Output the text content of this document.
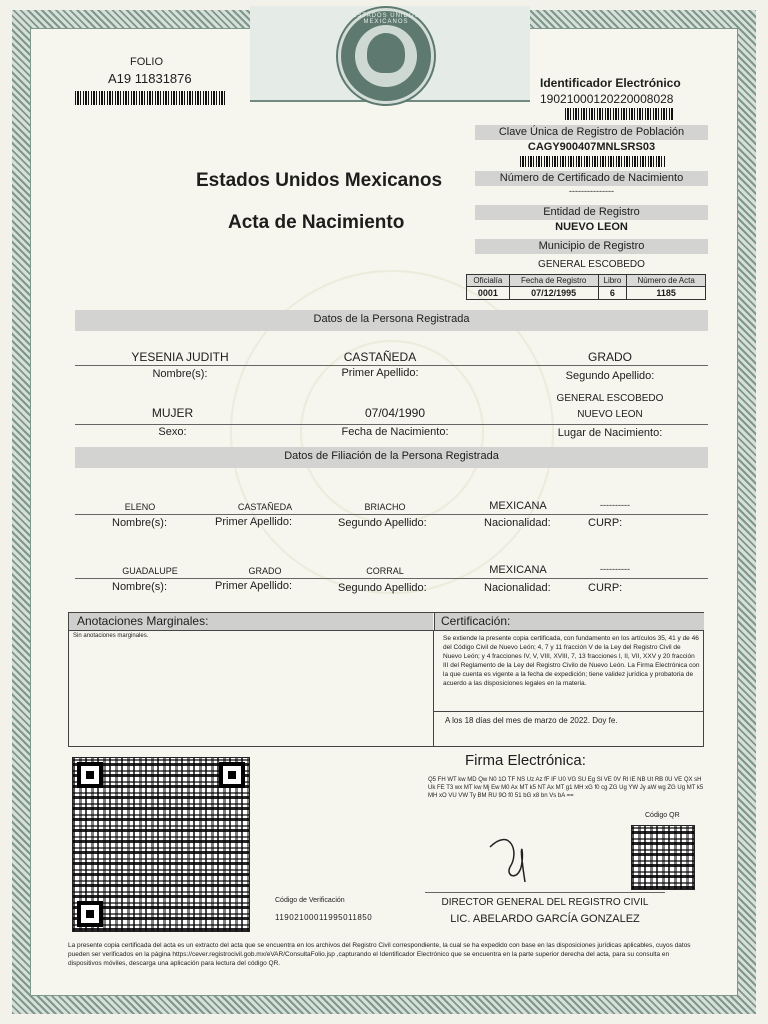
ESTADOS UNIDOS MEXICANOS
FOLIO
A19 11831876	Identificador Electrónico
19021000120220008028
Clave Única de Registro de Población
CAGY900407MNLSRS03
Número de Certificado de Nacimiento
---------------
Estados Unidos Mexicanos
Acta de Nacimiento	Entidad de Registro
NUEVO LEON
Municipio de Registro
GENERAL ESCOBEDO
Oficialía	Fecha de Registro	Libro	Número de Acta
0001	07/12/1995	6	1185
Datos de la Persona Registrada
YESENIA JUDITH	CASTAÑEDA	GRADO
Nombre(s):	Primer Apellido:	Segundo Apellido:
GENERAL ESCOBEDO
MUJER	07/04/1990	NUEVO LEON
Sexo:	Fecha de Nacimiento:	Lugar de Nacimiento:
Datos de Filiación de la Persona Registrada
ELENO	CASTAÑEDA	BRIACHO	MEXICANA	----------
Nombre(s):	Primer Apellido:	Segundo Apellido:	Nacionalidad:	CURP:
GUADALUPE	GRADO	CORRAL	MEXICANA	----------
Nombre(s):	Primer Apellido:	Segundo Apellido:	Nacionalidad:	CURP:
Anotaciones Marginales:	Certificación:
Sin anotaciones marginales.	Se extiende la presente copia certificada, con fundamento en los artículos 35, 41 y de 46 del Código Civil de Nuevo León; 4, 7 y 11 fracción V de la Ley del Registro Civil de Nuevo León; y 4 fracciones IV, V, VIII, XVIII, 7, 13 fracciones I, II, VII, XXV y 20 fracción III del Reglamento de la Ley del Registro Civilo de Nuevo León. La Firma Electrónica con la que cuenta es vigente a la fecha de expedición; tiene validez jurídica y probatoria de acuerdo a las disposiciones legales en la materia.
A los 18 días del mes de marzo de 2022. Doy fe.
Firma Electrónica:
Q5 FH WT kw MD Qw N0 1O TF NS Uz Az fF IF U0 VG SU Eg Sl VE 0V RI lE NB Ut RB 0U VE QX sH Uk FE T3 wx MT kw Mj Ew M0 Ax MT k5 NT Ax MT g1 MH xG f0 cg ZG Ug YW Jy aW wg ZG Ug MT k5 MH xO VU VW Ty BM RU 9O f0 51 bG x8 bn Vs bA ==
Código QR
Código de Verificación
11902100011995011850
DIRECTOR GENERAL DEL REGISTRO CIVIL
LIC. ABELARDO GARCÍA GONZALEZ
La presente copia certificada del acta es un extracto del acta que se encuentra en los archivos del Registro Civil correspondiente, la cual se ha expedido con base en las disposiciones jurídicas aplicables, cuyos datos pueden ser verificados en la página https://cever.registrocivil.gob.mx/eVAR/ConsultaFolio.jsp ,capturando el Identificador Electrónico que se encuentra en la parte superior derecha del acta, para su consulta en dispositivos móviles, descarga una aplicación para lectura del código QR.
